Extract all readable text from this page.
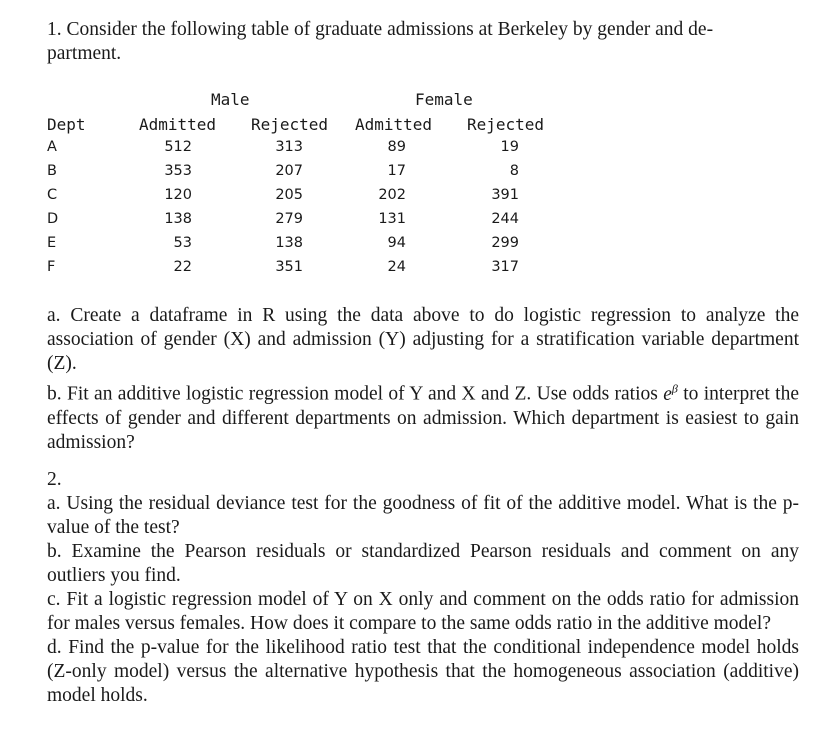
1. Consider the following table of graduate admissions at Berkeley by gender and de-
partment.
Male	Female
Dept	Admitted Rejected Admitted Rejected
A	512	313	89	19
B	353	207	17	8
C	120	205	202	391
D	138	279	131	244
E	53	138	94	299
F	22	351	24	317

a. Create a dataframe in R using the data above to do logistic regression to analyze the association of gender (X) and admission (Y) adjusting for a stratification variable department (Z).

b. Fit an additive logistic regression model of Y and X and Z. Use odds ratios $e^\beta$ to interpret the effects of gender and different departments on admission. Which department is easiest to gain admission?

2.

a. Using the residual deviance test for the goodness of fit of the additive model. What is the p-value of the test?

b. Examine the Pearson residuals or standardized Pearson residuals and comment on any outliers you find.

c. Fit a logistic regression model of Y on X only and comment on the odds ratio for admission for males versus females. How does it compare to the same odds ratio in the additive model?

d. Find the p-value for the likelihood ratio test that the conditional independence model holds (Z-only model) versus the alternative hypothesis that the homogeneous association (additive) model holds.
